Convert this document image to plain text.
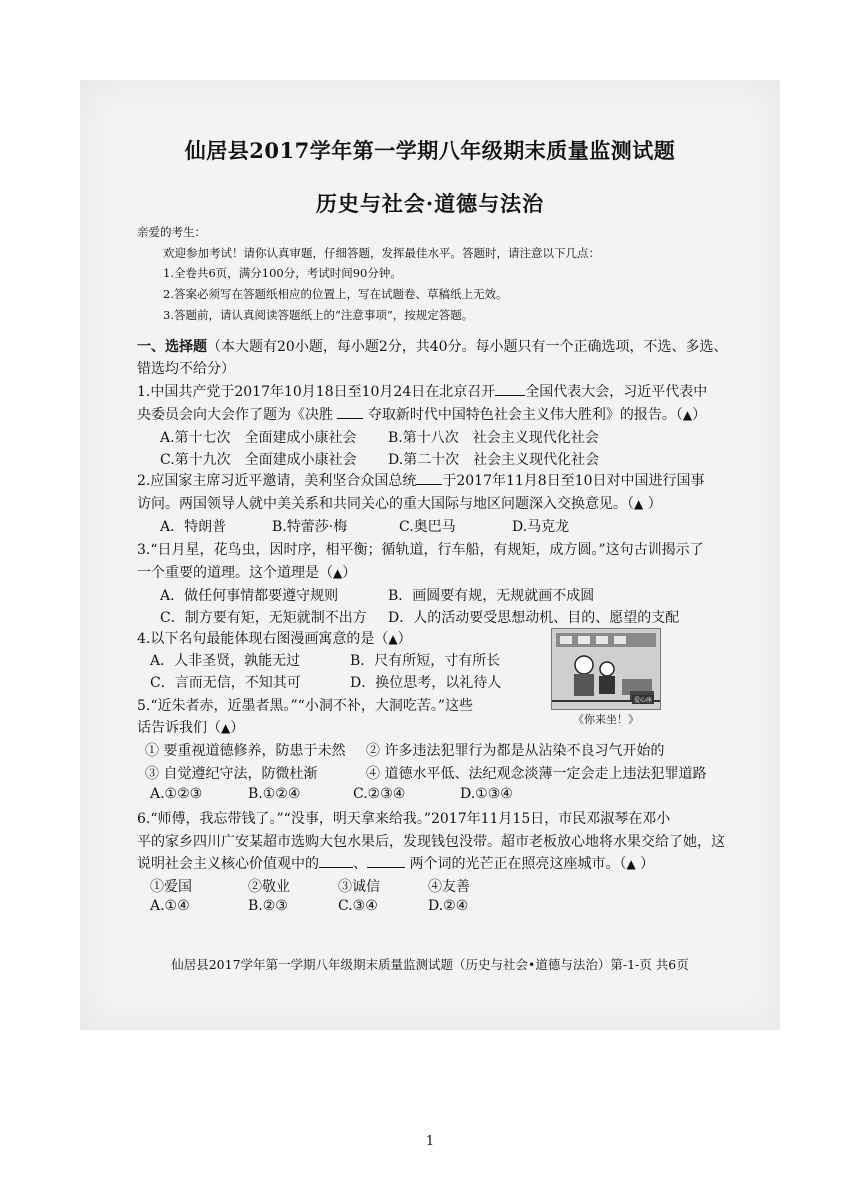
仙居县2017学年第一学期八年级期末质量监测试题
历史与社会·道德与法治
亲爱的考生：
欢迎参加考试！请你认真审题，仔细答题，发挥最佳水平。答题时，请注意以下几点：
1.全卷共6页，满分100分，考试时间90分钟。
2.答案必须写在答题纸相应的位置上，写在试题卷、草稿纸上无效。
3.答题前，请认真阅读答题纸上的“注意事项”，按规定答题。
一、选择题（本大题有20小题，每小题2分，共40分。每小题只有一个正确选项，不选、多选、
错选均不给分）
1.中国共产党于2017年10月18日至10月24日在北京召开 全国代表大会，习近平代表中
央委员会向大会作了题为《决胜 夺取新时代中国特色社会主义伟大胜利》的报告。（▲）
A.第十七次　全面建成小康社会 B.第十八次　社会主义现代化社会
C.第十九次　全面建成小康社会 D.第二十次　社会主义现代化社会
2.应国家主席习近平邀请，美利坚合众国总统 于2017年11月8日至10日对中国进行国事
访问。两国领导人就中美关系和共同关心的重大国际与地区问题深入交换意见。（▲ ）
A．特朗普	B.特蕾莎·梅	C.奥巴马	D.马克龙
3.“日月星，花鸟虫，因时序，相平衡；循轨道，行车船，有规矩，成方圆。”这句古训揭示了
一个重要的道理。这个道理是（▲）
A．做任何事情都要遵守规则	B．画圆要有规，无规就画不成圆
C．制方要有矩，无矩就制不出方 D．人的活动要受思想动机、目的、愿望的支配
4.以下名句最能体现右图漫画寓意的是（▲）
A．人非圣贤，孰能无过	B．尺有所短，寸有所长
C．言而无信，不知其可	D．换位思考，以礼待人
爱心座
《你来坐！》
5.“近朱者赤，近墨者黑。”“小洞不补，大洞吃苦。”这些
话告诉我们（▲）
① 要重视道德修养，防患于未然 ② 许多违法犯罪行为都是从沾染不良习气开始的
③ 自觉遵纪守法，防微杜渐	④ 道德水平低、法纪观念淡薄一定会走上违法犯罪道路
A.①②③	B.①②④	C.②③④	D.①③④
6.“师傅，我忘带钱了。”“没事，明天拿来给我。”2017年11月15日，市民邓淑琴在邓小
平的家乡四川广安某超市选购大包水果后，发现钱包没带。超市老板放心地将水果交给了她，这
说明社会主义核心价值观中的 、	两个词的光芒正在照亮这座城市。（▲ ）
①爱国	②敬业	③诚信	④友善
A.①④	B.②③	C.③④	D.②④
仙居县2017学年第一学期八年级期末质量监测试题（历史与社会•道德与法治）第-1-页 共6页
1
